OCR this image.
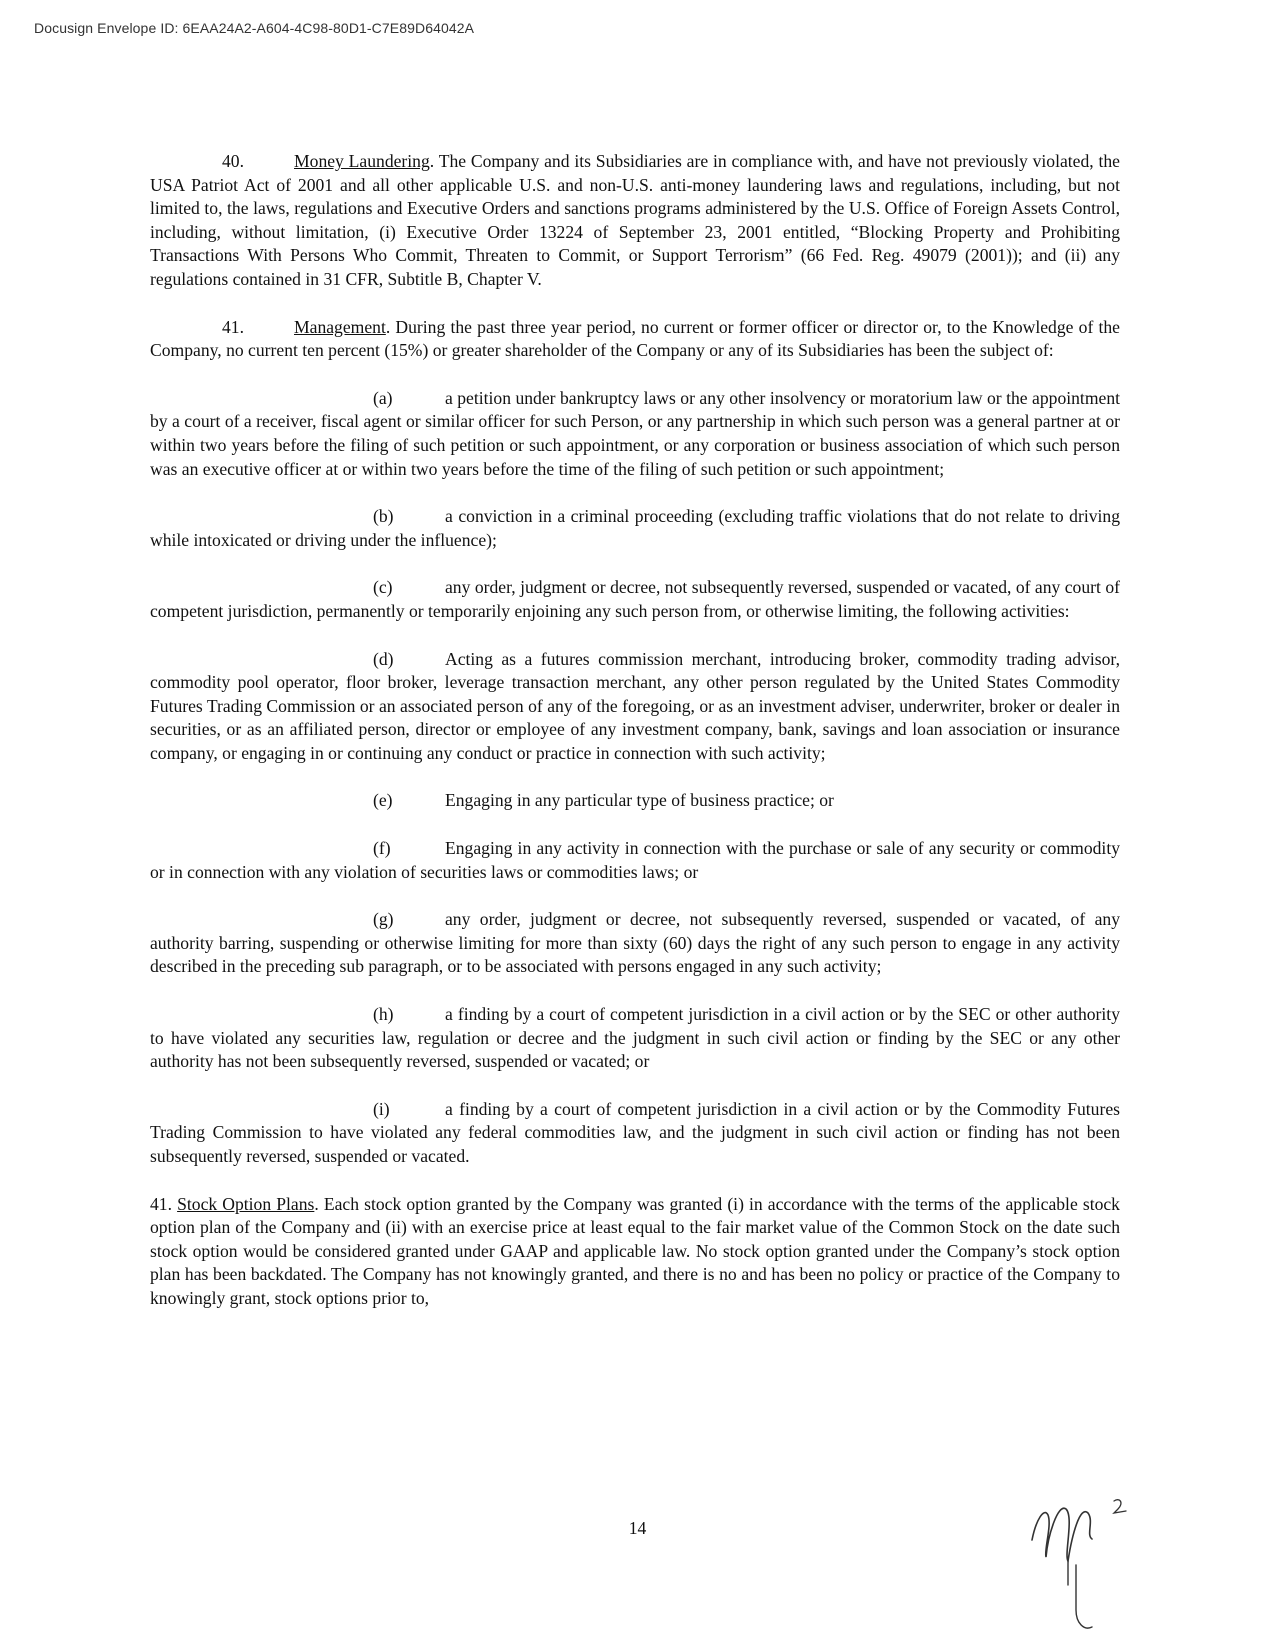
Docusign Envelope ID: 6EAA24A2-A604-4C98-80D1-C7E89D64042A

40.	Money Laundering. The Company and its Subsidiaries are in compliance with, and have not previously violated, the USA Patriot Act of 2001 and all other applicable U.S. and non-U.S. anti-money laundering laws and regulations, including, but not limited to, the laws, regulations and Executive Orders and sanctions programs administered by the U.S. Office of Foreign Assets Control, including, without limitation, (i) Executive Order 13224 of September 23, 2001 entitled, “Blocking Property and Prohibiting Transactions With Persons Who Commit, Threaten to Commit, or Support Terrorism” (66 Fed. Reg. 49079 (2001)); and (ii) any regulations contained in 31 CFR, Subtitle B, Chapter V.

41.	Management. During the past three year period, no current or former officer or director or, to the Knowledge of the Company, no current ten percent (15%) or greater shareholder of the Company or any of its Subsidiaries has been the subject of:

(a)	a petition under bankruptcy laws or any other insolvency or moratorium law or the appointment by a court of a receiver, fiscal agent or similar officer for such Person, or any partnership in which such person was a general partner at or within two years before the filing of such petition or such appointment, or any corporation or business association of which such person was an executive officer at or within two years before the time of the filing of such petition or such appointment;

(b)	a conviction in a criminal proceeding (excluding traffic violations that do not relate to driving while intoxicated or driving under the influence);

(c)	any order, judgment or decree, not subsequently reversed, suspended or vacated, of any court of competent jurisdiction, permanently or temporarily enjoining any such person from, or otherwise limiting, the following activities:

(d)	Acting as a futures commission merchant, introducing broker, commodity trading advisor, commodity pool operator, floor broker, leverage transaction merchant, any other person regulated by the United States Commodity Futures Trading Commission or an associated person of any of the foregoing, or as an investment adviser, underwriter, broker or dealer in securities, or as an affiliated person, director or employee of any investment company, bank, savings and loan association or insurance company, or engaging in or continuing any conduct or practice in connection with such activity;

(e)	Engaging in any particular type of business practice; or

(f)	Engaging in any activity in connection with the purchase or sale of any security or commodity or in connection with any violation of securities laws or commodities laws; or

(g)	any order, judgment or decree, not subsequently reversed, suspended or vacated, of any authority barring, suspending or otherwise limiting for more than sixty (60) days the right of any such person to engage in any activity described in the preceding sub paragraph, or to be associated with persons engaged in any such activity;

(h)	a finding by a court of competent jurisdiction in a civil action or by the SEC or other authority to have violated any securities law, regulation or decree and the judgment in such civil action or finding by the SEC or any other authority has not been subsequently reversed, suspended or vacated; or

(i)	a finding by a court of competent jurisdiction in a civil action or by the Commodity Futures Trading Commission to have violated any federal commodities law, and the judgment in such civil action or finding has not been subsequently reversed, suspended or vacated.

41. Stock Option Plans. Each stock option granted by the Company was granted (i) in accordance with the terms of the applicable stock option plan of the Company and (ii) with an exercise price at least equal to the fair market value of the Common Stock on the date such stock option would be considered granted under GAAP and applicable law. No stock option granted under the Company’s stock option plan has been backdated. The Company has not knowingly granted, and there is no and has been no policy or practice of the Company to knowingly grant, stock options prior to,

14
